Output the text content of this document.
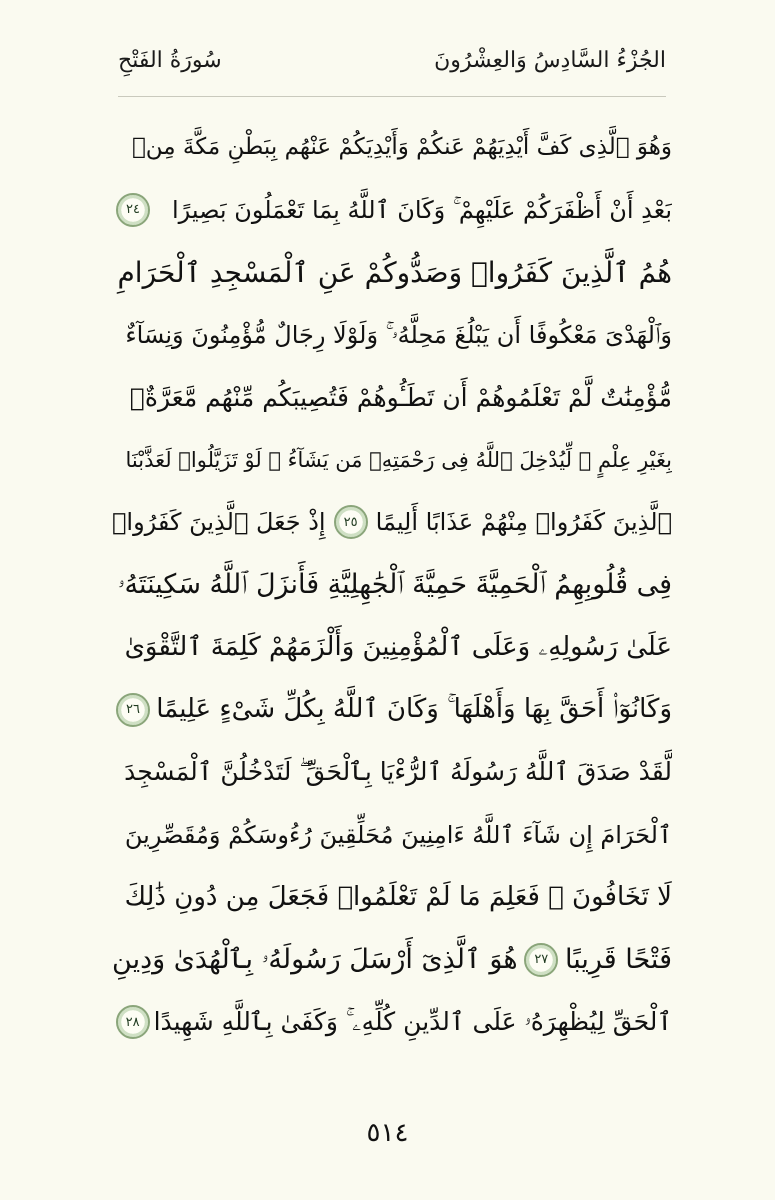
الجُزْءُ السَّادِسُ وَالعِشْرُونَ
سُورَةُ الفَتْحِ
وَهُوَ ٱلَّذِى كَفَّ أَيْدِيَهُمْ عَنكُمْ وَأَيْدِيَكُمْ عَنْهُم بِبَطْنِ مَكَّةَ مِنۢ
بَعْدِ أَنْ أَظْفَرَكُمْ عَلَيْهِمْ ۚ وَكَانَ ٱللَّهُ بِمَا تَعْمَلُونَ بَصِيرًا
٢٤
هُمُ ٱلَّذِينَ كَفَرُوا۟ وَصَدُّوكُمْ عَنِ ٱلْمَسْجِدِ ٱلْحَرَامِ
وَٱلْهَدْىَ مَعْكُوفًا أَن يَبْلُغَ مَحِلَّهُۥ ۚ وَلَوْلَا رِجَالٌ مُّؤْمِنُونَ وَنِسَآءٌ
مُّؤْمِنَٰتٌ لَّمْ تَعْلَمُوهُمْ أَن تَطَـُٔوهُمْ فَتُصِيبَكُم مِّنْهُم مَّعَرَّةٌۢ
بِغَيْرِ عِلْمٍ ۖ لِّيُدْخِلَ ٱللَّهُ فِى رَحْمَتِهِۦ مَن يَشَآءُ ۚ لَوْ تَزَيَّلُوا۟ لَعَذَّبْنَا
ٱلَّذِينَ كَفَرُوا۟ مِنْهُمْ عَذَابًا أَلِيمًا
٢٥
إِذْ جَعَلَ ٱلَّذِينَ كَفَرُوا۟
فِى قُلُوبِهِمُ ٱلْحَمِيَّةَ حَمِيَّةَ ٱلْجَٰهِلِيَّةِ فَأَنزَلَ ٱللَّهُ سَكِينَتَهُۥ
عَلَىٰ رَسُولِهِۦ وَعَلَى ٱلْمُؤْمِنِينَ وَأَلْزَمَهُمْ كَلِمَةَ ٱلتَّقْوَىٰ
وَكَانُوٓا۟ أَحَقَّ بِهَا وَأَهْلَهَا ۚ وَكَانَ ٱللَّهُ بِكُلِّ شَىْءٍ عَلِيمًا
٢٦
لَّقَدْ صَدَقَ ٱللَّهُ رَسُولَهُ ٱلرُّءْيَا بِٱلْحَقِّ ۖ لَتَدْخُلُنَّ ٱلْمَسْجِدَ
ٱلْحَرَامَ إِن شَآءَ ٱللَّهُ ءَامِنِينَ مُحَلِّقِينَ رُءُوسَكُمْ وَمُقَصِّرِينَ
لَا تَخَافُونَ ۖ فَعَلِمَ مَا لَمْ تَعْلَمُوا۟ فَجَعَلَ مِن دُونِ ذَٰلِكَ
فَتْحًا قَرِيبًا
٢٧
هُوَ ٱلَّذِىٓ أَرْسَلَ رَسُولَهُۥ بِٱلْهُدَىٰ وَدِينِ
ٱلْحَقِّ لِيُظْهِرَهُۥ عَلَى ٱلدِّينِ كُلِّهِۦ ۚ وَكَفَىٰ بِٱللَّهِ شَهِيدًا
٢٨
٥١٤
